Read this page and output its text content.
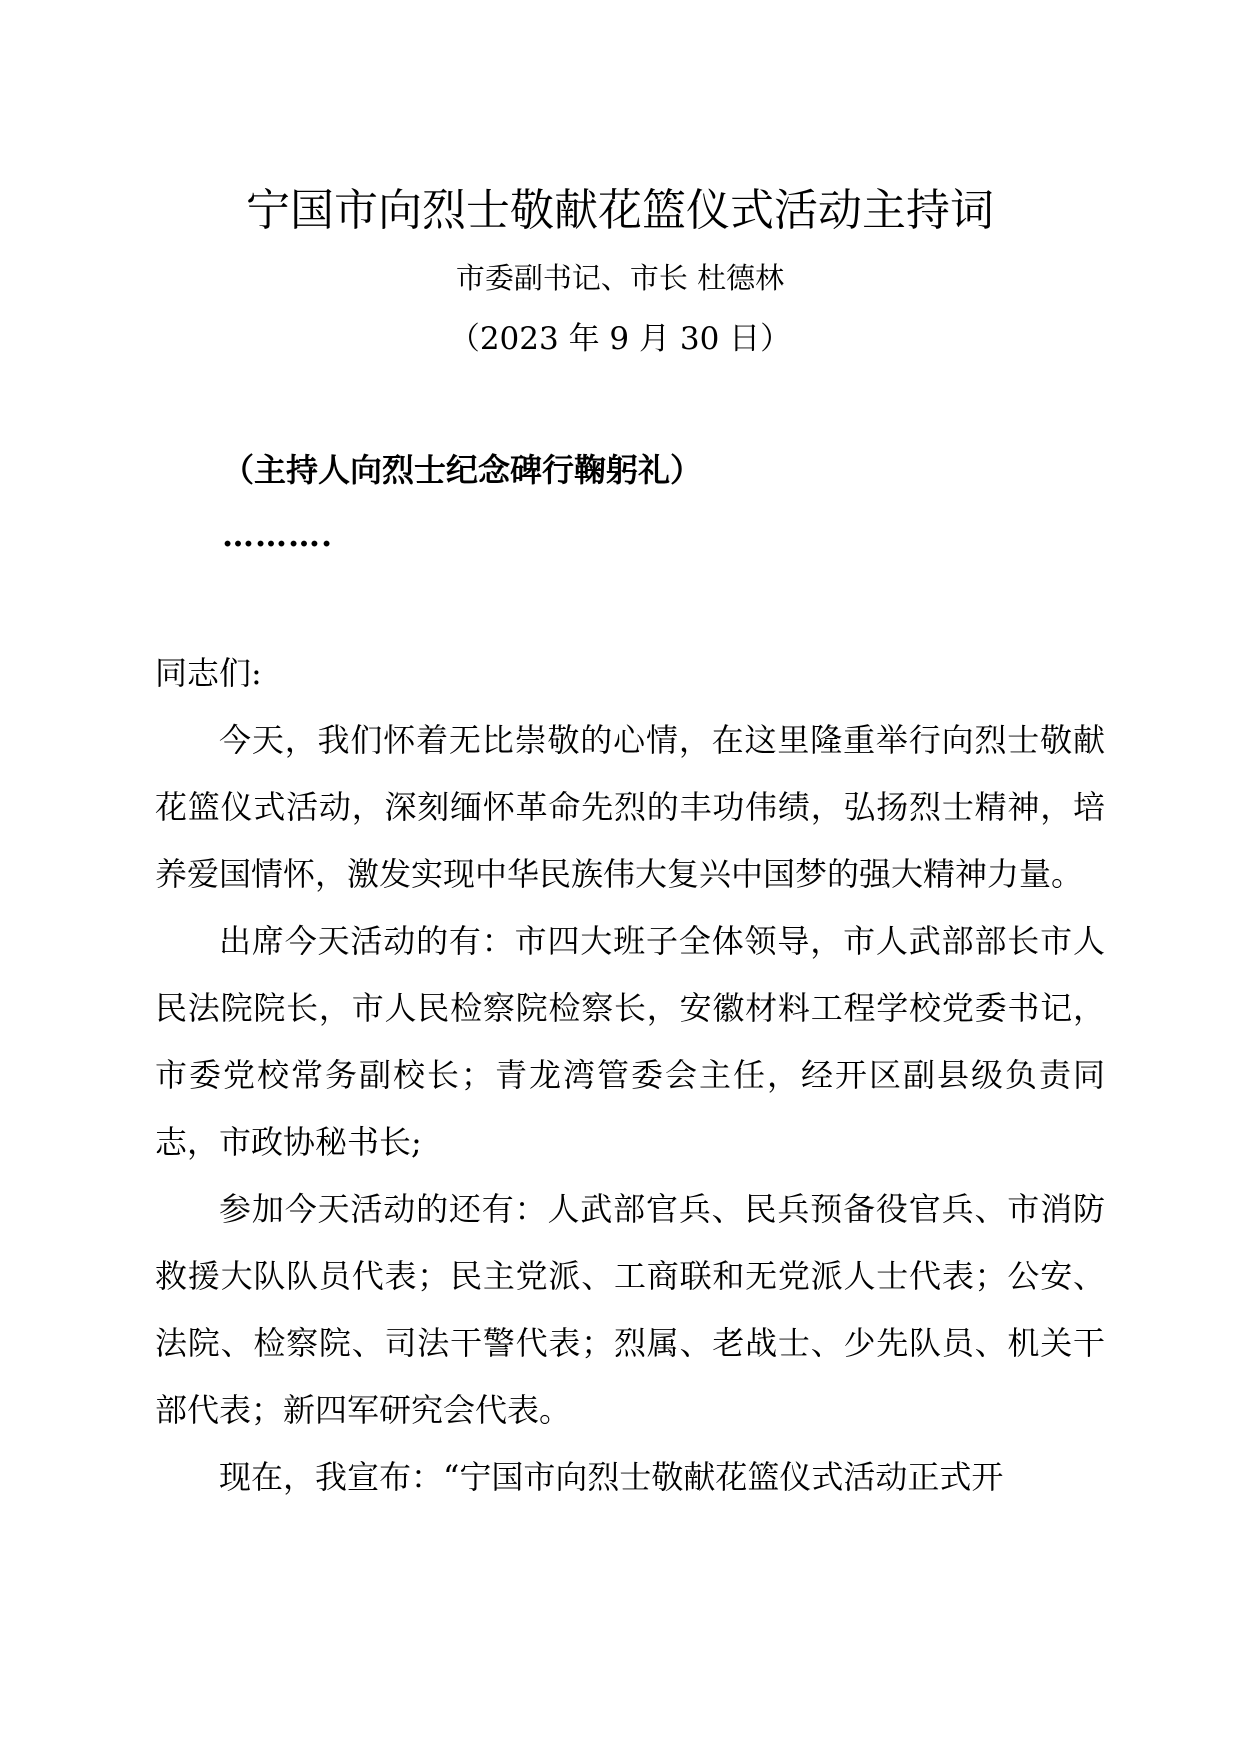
宁国市向烈士敬献花篮仪式活动主持词
市委副书记、市长 杜德林
（2023 年 9 月 30 日）
（主持人向烈士纪念碑行鞠躬礼）
……….

同志们:

今天，我们怀着无比崇敬的心情，在这里隆重举行向烈士敬献花篮仪式活动，深刻缅怀革命先烈的丰功伟绩，弘扬烈士精神，培养爱国情怀，激发实现中华民族伟大复兴中国梦的强大精神力量。

出席今天活动的有：市四大班子全体领导，市人武部部长市人民法院院长，市人民检察院检察长，安徽材料工程学校党委书记，市委党校常务副校长；青龙湾管委会主任，经开区副县级负责同志，市政协秘书长;

参加今天活动的还有：人武部官兵、民兵预备役官兵、市消防救援大队队员代表；民主党派、工商联和无党派人士代表；公安、法院、检察院、司法干警代表；烈属、老战士、少先队员、机关干部代表；新四军研究会代表。

现在，我宣布：“宁国市向烈士敬献花篮仪式活动正式开
